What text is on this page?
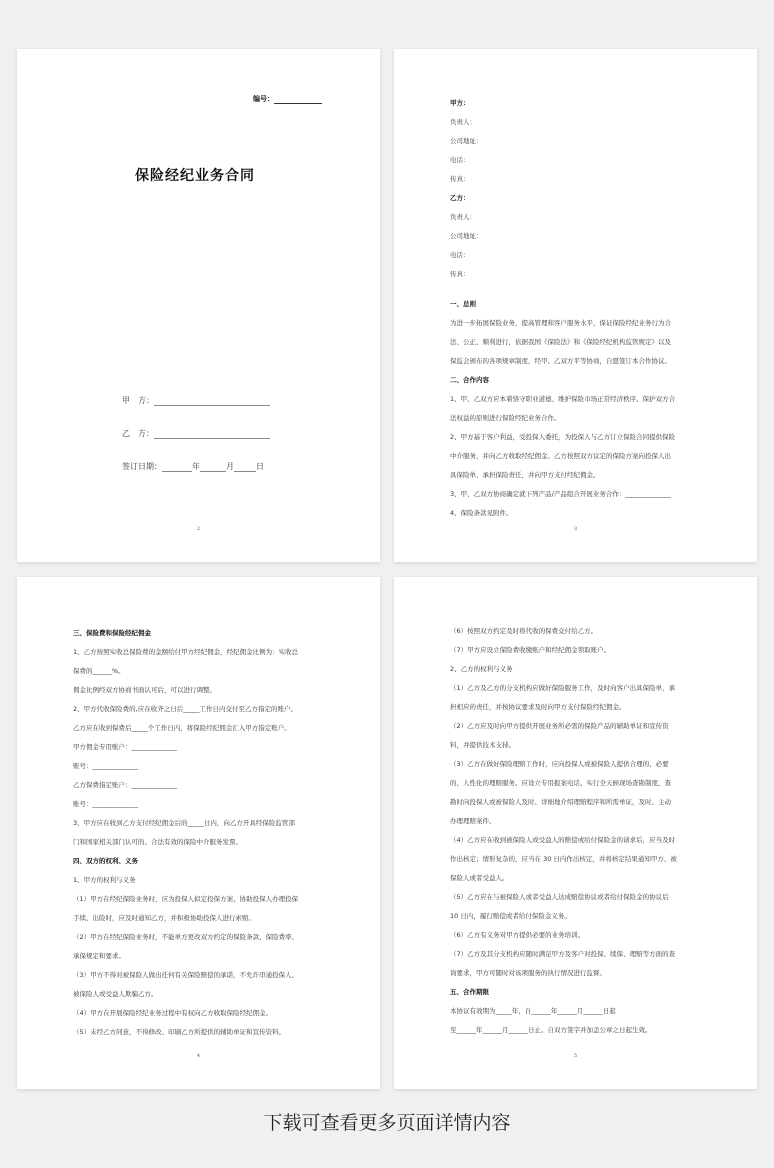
编号：
保险经纪业务合同
甲　方：
乙　方：
签订日期：	年	月	日
2
甲方：
负责人：
公司地址：
电话：
传真：
乙方：
负责人：
公司地址：
电话：
传真：
一、总则
为进一步拓展保险业务，提高管理和客户服务水平，保证保险经纪业务行为合
法、公正、顺利进行，依据我国《保险法》和《保险经纪机构监管规定》以及
保监会颁布的各项规章制度，经甲、乙双方平等协商，自愿签订本合作协议。
二、合作内容
1、甲、乙双方应本着恪守职业道德、维护保险市场正常经济秩序、保护双方合
法权益的原则进行保险经纪业务合作。
2、甲方基于客户利益，受投保人委托，为投保人与乙方订立保险合同提供保险
中介服务，并向乙方收取经纪佣金。乙方按照双方议定的保险方案向投保人出
具保险单、承担保险责任，并向甲方支付经纪佣金。
3、甲、乙双方协商确定就下列产品/产品组合开展业务合作：______________
4、保险条款见附件。
3
三、保险费和保险经纪佣金
1、乙方按照实收总保险费的金额给付甲方经纪佣金，经纪佣金比例为：实收总
保费的______%。
佣金比例经双方协商书面认可后，可以进行调整。
2、甲方代收保险费的,应在收齐之日后_____工作日内交付至乙方指定的账户。
乙方应在收到保费后_____个工作日内，将保险经纪佣金汇入甲方指定账户。
甲方佣金专用账户：______________
账号：______________
乙方保费指定账户：______________
账号：______________
3、甲方应在收到乙方支付经纪佣金后的_____日内，向乙方开具经保险监管部
门和国家相关部门认可的、合法有效的保险中介服务发票。
四、双方的权利、义务
1、甲方的权利与义务
（1）甲方在经纪保险业务时，应为投保人拟定投保方案、协助投保人办理投保
手续、出险时，应及时通知乙方，并积极协助投保人进行索赔。
（2）甲方在经纪保险业务时，不能单方更改双方约定的保险条款、保险费率、
承保规定和要求。
（3）甲方不得对被保险人做出任何有关保险赔偿的承诺，不允许串通投保人、
被保险人或受益人欺骗乙方。
（4）甲方在开展保险经纪业务过程中有权向乙方收取保险经纪佣金。
（5）未经乙方同意，不得修改、印刷乙方所提供的辅助单证和宣传资料。
4
（6）按照双方约定及时将代收的保费交付给乙方。
（7）甲方应设立保险费收缴账户和经纪佣金领取账户。
2、乙方的权利与义务
（1）乙方及乙方的分支机构应做好保险服务工作，及时向客户出具保险单，承
担相应的责任，并按协议要求及时向甲方支付保险经纪佣金。
（2）乙方应及时向甲方提供开展业务所必需的保险产品的辅助单证和宣传资
料，并提供技术支持。
（3）乙方在做好保险理赔工作时，应向投保人或被保险人提供合理的、必要
的、人性化的理赔服务。应设立专用报案电话，实行全天候现场查勘制度，查
勘时向投保人或被保险人及时、详细地介绍理赔程序和所需单证，及时、主动
办理理赔案件。
（4）乙方应在收到被保险人或受益人的赔偿或给付保险金的请求后，应当及时
作出核定；情形复杂的，应当在 30 日内作出核定，并将核定结果通知甲方、被
保险人或者受益人。
（5）乙方应在与被保险人或者受益人达成赔偿协议或者给付保险金的协议后
10 日内，履行赔偿或者给付保险金义务。
（6）乙方有义务对甲方提供必要的业务培训。
（7）乙方及其分支机构应随时满足甲方及客户对投保、续保、理赔等方面的查
询要求，甲方可随时对该项服务的执行情况进行监督。
五、合作期限
本协议有效期为_____年，自______年______月______日起
至______年______月______日止。自双方签字并加盖公章之日起生效。
5
下载可查看更多页面详情内容
